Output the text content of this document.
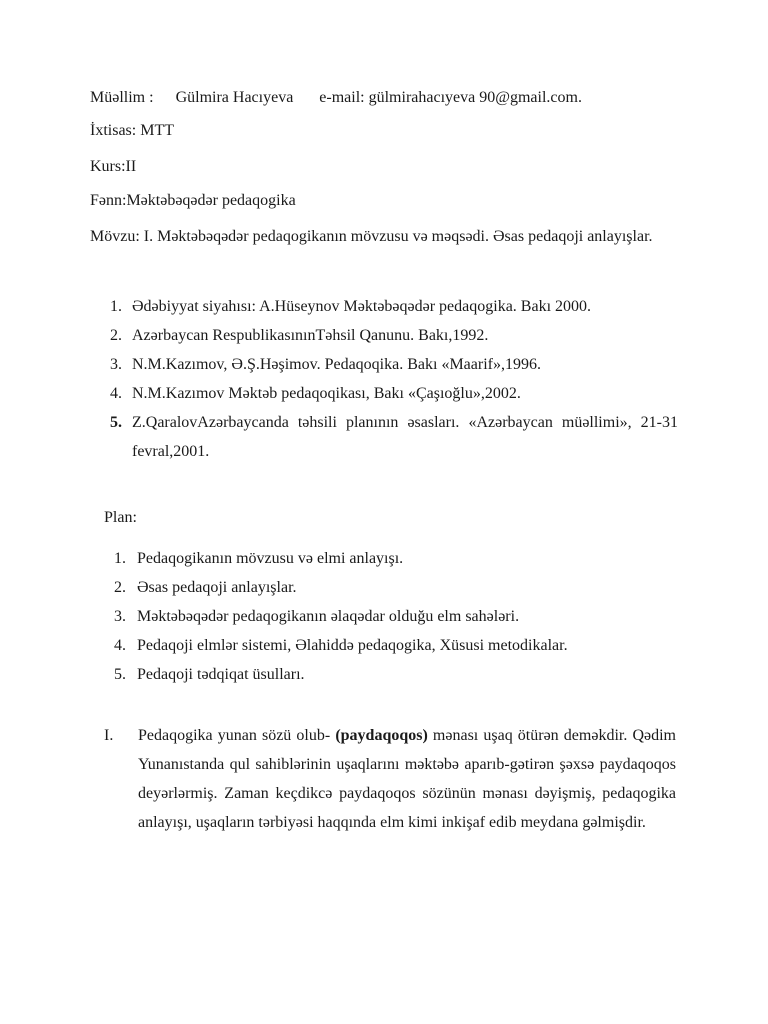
Müəllim : Gülmira Hacıyeva e-mail: gülmirahacıyeva 90@gmail.com.
İxtisas: MTT
Kurs:II
Fənn:Məktəbəqədər pedaqogika
Mövzu: I. Məktəbəqədər pedaqogikanın mövzusu və məqsədi. Əsas pedaqoji anlayışlar.
1. Ədəbiyyat siyahısı: A.Hüseynov Məktəbəqədər pedaqogika. Bakı 2000.
2. Azərbaycan RespublikasınınTəhsil Qanunu. Bakı,1992.
3. N.M.Kazımov, Ə.Ş.Həşimov. Pedaqoqika. Bakı «Maarif»,1996.
4. N.M.Kazımov Məktəb pedaqoqikası, Bakı «Çaşıoğlu»,2002.
5. Z.QaralovAzərbaycanda təhsili planının əsasları. «Azərbaycan müəllimi», 21-31 fevral,2001.
Plan:
1. Pedaqogikanın mövzusu və elmi anlayışı.
2. Əsas pedaqoji anlayışlar.
3. Məktəbəqədər pedaqogikanın əlaqədar olduğu elm sahələri.
4. Pedaqoji elmlər sistemi, Əlahiddə pedaqogika, Xüsusi metodikalar.
5. Pedaqoji tədqiqat üsulları.
I. Pedaqogika yunan sözü olub- (paydaqoqos) mənası uşaq ötürən deməkdir. Qədim Yunanıstanda qul sahiblərinin uşaqlarını məktəbə aparıb-gətirən şəxsə paydaqoqos deyərlərmiş. Zaman keçdikcə paydaqoqos sözünün mənası dəyişmiş, pedaqogika anlayışı, uşaqların tərbiyəsi haqqında elm kimi inkişaf edib meydana gəlmişdir.
